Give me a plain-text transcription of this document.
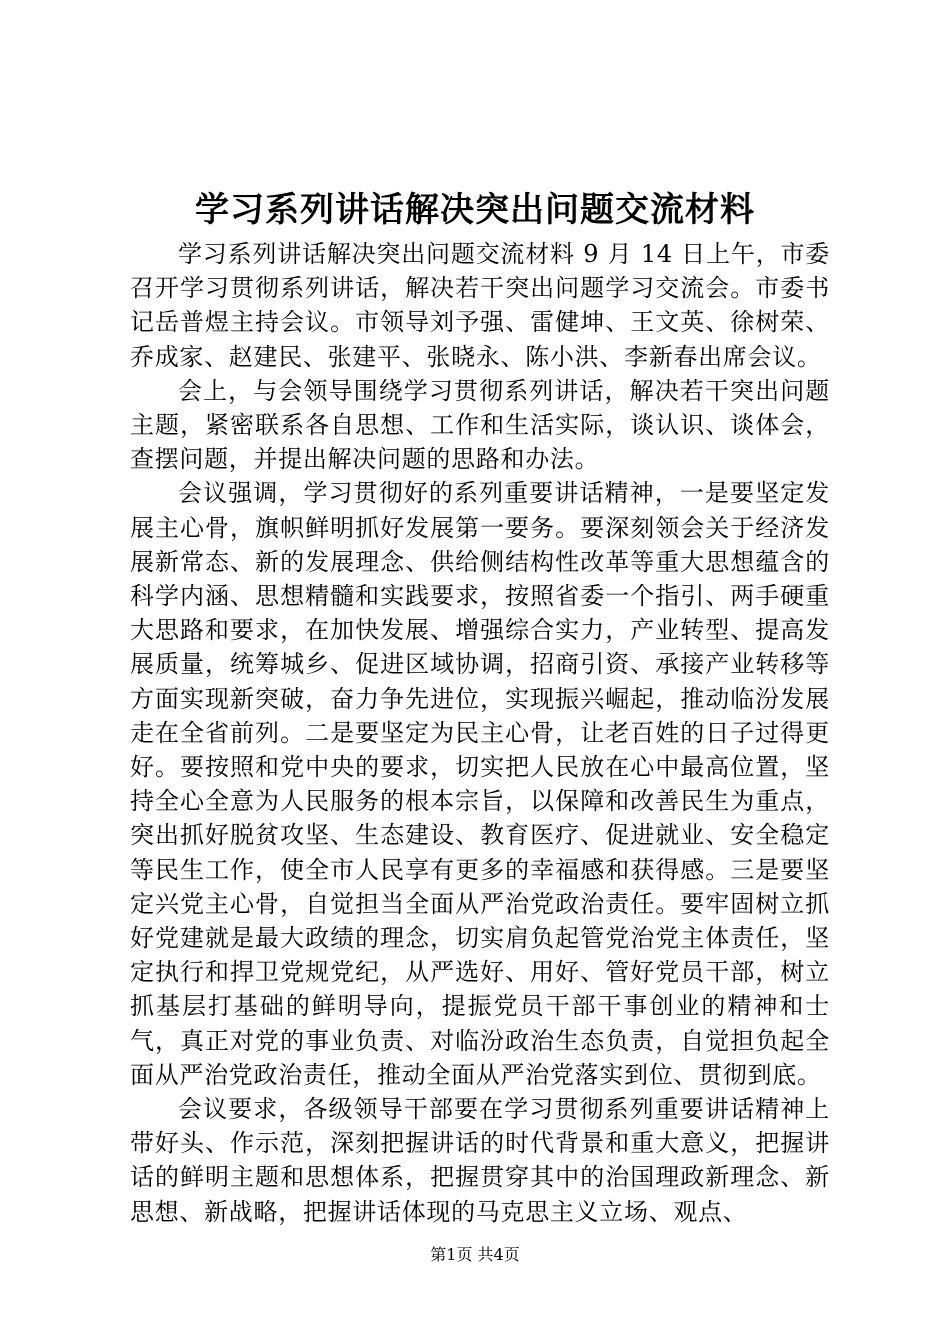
学习系列讲话解决突出问题交流材料

学习系列讲话解决突出问题交流材料 9 月 14 日上午，市委召开学习贯彻系列讲话，解决若干突出问题学习交流会。市委书记岳普煜主持会议。市领导刘予强、雷健坤、王文英、徐树荣、乔成家、赵建民、张建平、张晓永、陈小洪、李新春出席会议。

会上，与会领导围绕学习贯彻系列讲话，解决若干突出问题主题，紧密联系各自思想、工作和生活实际，谈认识、谈体会，查摆问题，并提出解决问题的思路和办法。

会议强调，学习贯彻好的系列重要讲话精神，一是要坚定发展主心骨，旗帜鲜明抓好发展第一要务。要深刻领会关于经济发展新常态、新的发展理念、供给侧结构性改革等重大思想蕴含的科学内涵、思想精髓和实践要求，按照省委一个指引、两手硬重大思路和要求，在加快发展、增强综合实力，产业转型、提高发展质量，统筹城乡、促进区域协调，招商引资、承接产业转移等方面实现新突破，奋力争先进位，实现振兴崛起，推动临汾发展走在全省前列。二是要坚定为民主心骨，让老百姓的日子过得更好。要按照和党中央的要求，切实把人民放在心中最高位置，坚持全心全意为人民服务的根本宗旨，以保障和改善民生为重点，突出抓好脱贫攻坚、生态建设、教育医疗、促进就业、安全稳定等民生工作，使全市人民享有更多的幸福感和获得感。三是要坚定兴党主心骨，自觉担当全面从严治党政治责任。要牢固树立抓好党建就是最大政绩的理念，切实肩负起管党治党主体责任，坚定执行和捍卫党规党纪，从严选好、用好、管好党员干部，树立抓基层打基础的鲜明导向，提振党员干部干事创业的精神和士气，真正对党的事业负责、对临汾政治生态负责，自觉担负起全面从严治党政治责任，推动全面从严治党落实到位、贯彻到底。

会议要求，各级领导干部要在学习贯彻系列重要讲话精神上带好头、作示范，深刻把握讲话的时代背景和重大意义，把握讲话的鲜明主题和思想体系，把握贯穿其中的治国理政新理念、新思想、新战略，把握讲话体现的马克思主义立场、观点、

第1页 共4页
